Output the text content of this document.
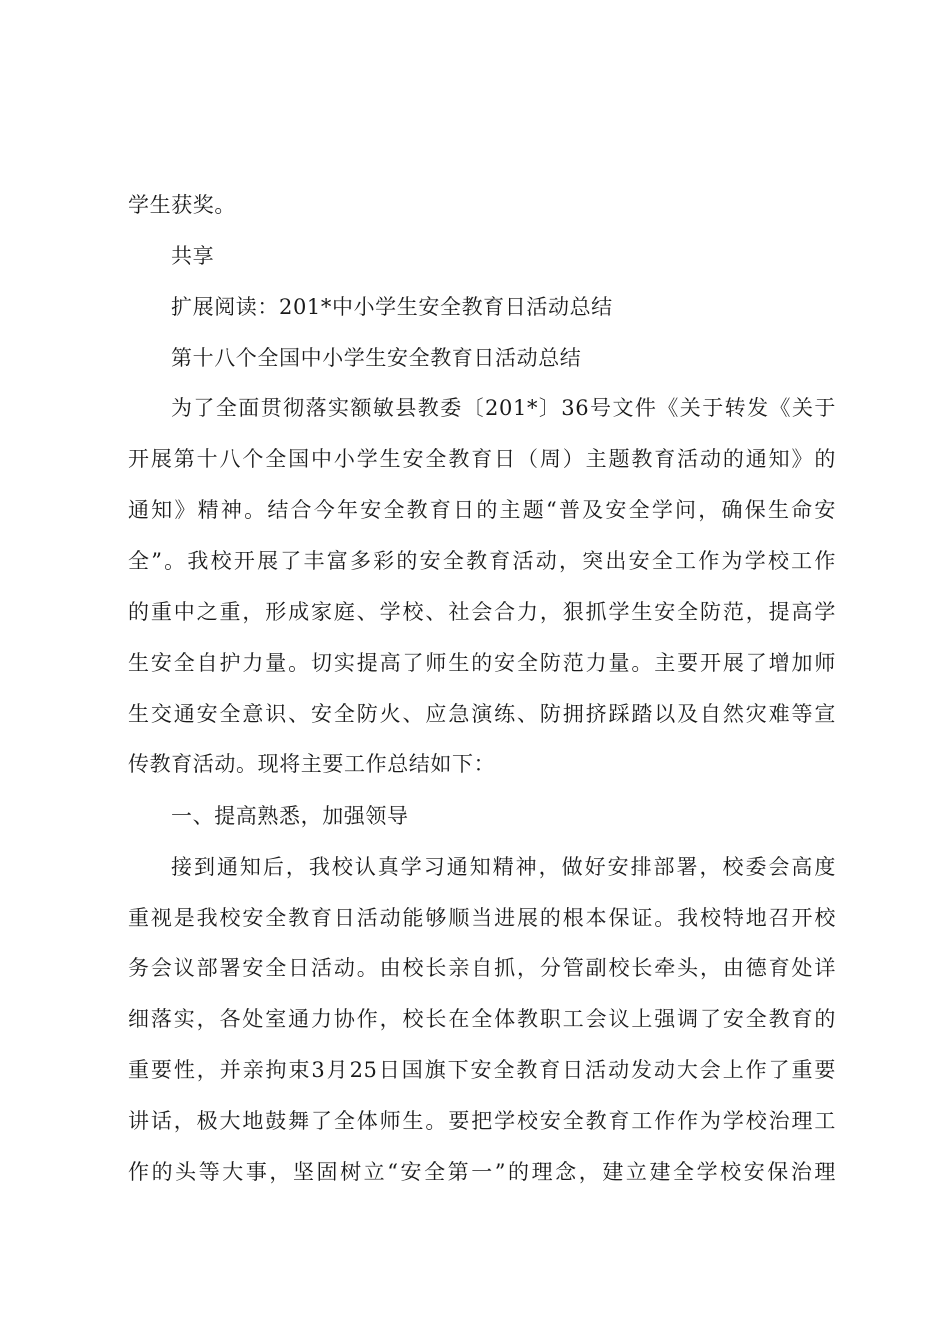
学生获奖。
共享
扩展阅读：201*中小学生安全教育日活动总结
第十八个全国中小学生安全教育日活动总结
为了全面贯彻落实额敏县教委〔201*〕36号文件《关于转发《关于
开展第十八个全国中小学生安全教育日（周）主题教育活动的通知》的
通知》精神。结合今年安全教育日的主题“普及安全学问，确保生命安
全”。我校开展了丰富多彩的安全教育活动，突出安全工作为学校工作
的重中之重，形成家庭、学校、社会合力，狠抓学生安全防范，提高学
生安全自护力量。切实提高了师生的安全防范力量。主要开展了增加师
生交通安全意识、安全防火、应急演练、防拥挤踩踏以及自然灾难等宣
传教育活动。现将主要工作总结如下：
一、提高熟悉，加强领导
接到通知后，我校认真学习通知精神，做好安排部署，校委会高度
重视是我校安全教育日活动能够顺当进展的根本保证。我校特地召开校
务会议部署安全日活动。由校长亲自抓，分管副校长牵头，由德育处详
细落实，各处室通力协作，校长在全体教职工会议上强调了安全教育的
重要性，并亲拘束3月25日国旗下安全教育日活动发动大会上作了重要
讲话，极大地鼓舞了全体师生。要把学校安全教育工作作为学校治理工
作的头等大事，坚固树立“安全第一”的理念，建立建全学校安保治理
